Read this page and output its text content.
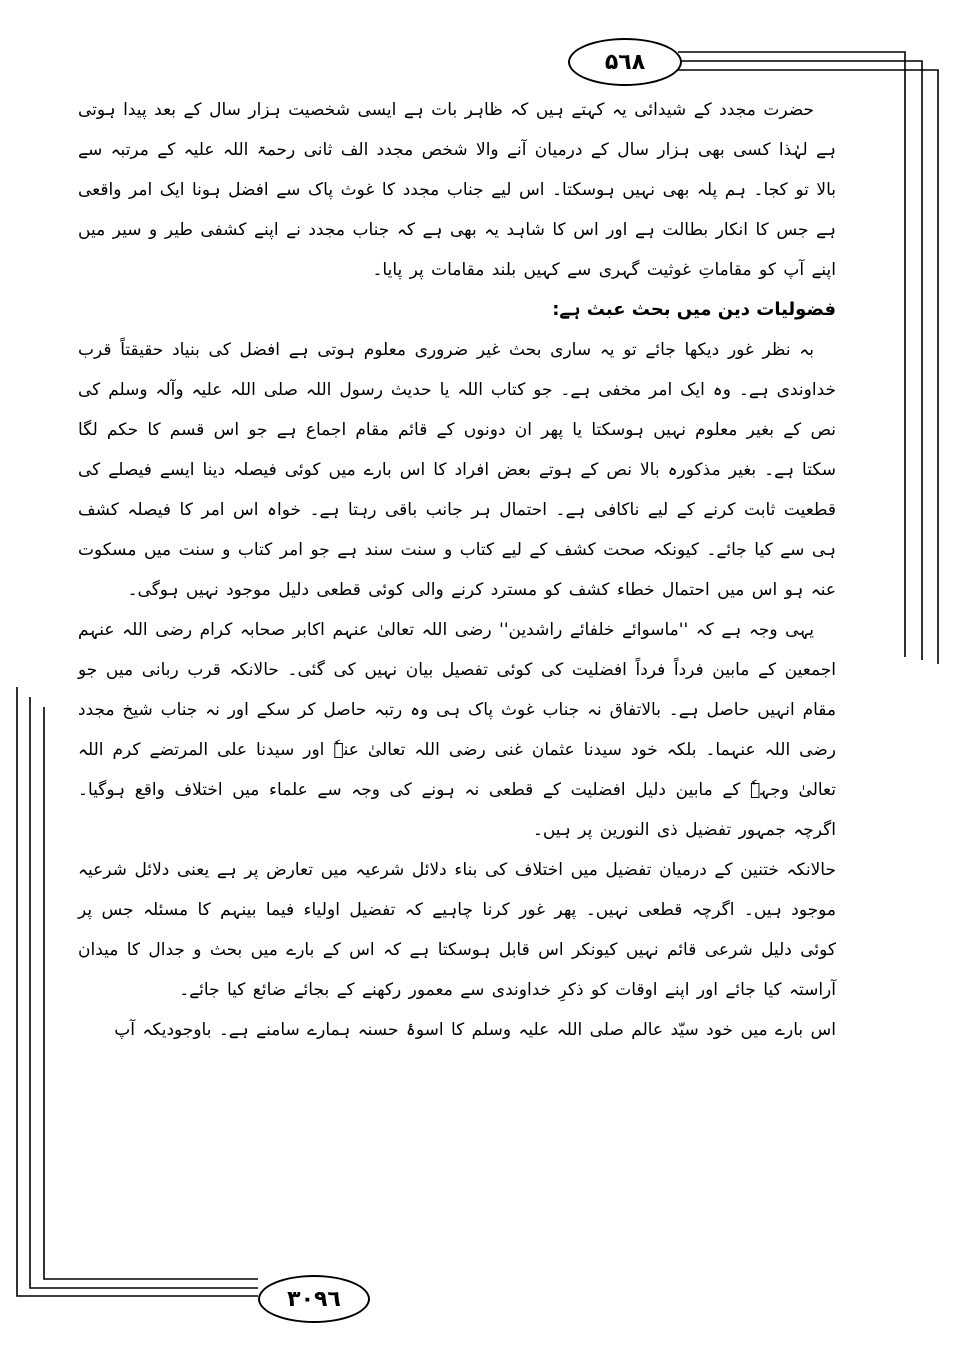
۵٦٨

حضرت مجدد کے شیدائی یہ کہتے ہیں کہ ظاہر بات ہے ایسی شخصیت ہزار سال کے بعد پیدا ہوتی ہے لہٰذا کسی بھی ہزار سال کے درمیان آنے والا شخص مجدد الف ثانی رحمۃ اللہ علیہ کے مرتبہ سے بالا تو کجا۔ ہم پلہ بھی نہیں ہوسکتا۔ اس لیے جناب مجدد کا غوث پاک سے افضل ہونا ایک امر واقعی ہے جس کا انکار بطالت ہے اور اس کا شاہد یہ بھی ہے کہ جناب مجدد نے اپنے کشفی طیر و سیر میں اپنے آپ کو مقاماتِ غوثیت گہری سے کہیں بلند مقامات پر پایا۔

فضولیات دین میں بحث عبث ہے:

بہ نظر غور دیکھا جائے تو یہ ساری بحث غیر ضروری معلوم ہوتی ہے افضل کی بنیاد حقیقتاً قرب خداوندی ہے۔ وہ ایک امر مخفی ہے۔ جو کتاب اللہ یا حدیث رسول اللہ صلی اللہ علیہ وآلہ وسلم کی نص کے بغیر معلوم نہیں ہوسکتا یا پھر ان دونوں کے قائم مقام اجماع ہے جو اس قسم کا حکم لگا سکتا ہے۔ بغیر مذکورہ بالا نص کے ہوتے بعض افراد کا اس بارے میں کوئی فیصلہ دینا ایسے فیصلے کی قطعیت ثابت کرنے کے لیے ناکافی ہے۔ احتمال ہر جانب باقی رہتا ہے۔ خواہ اس امر کا فیصلہ کشف ہی سے کیا جائے۔ کیونکہ صحت کشف کے لیے کتاب و سنت سند ہے جو امر کتاب و سنت میں مسکوت عنہ ہو اس میں احتمال خطاء کشف کو مسترد کرنے والی کوئی قطعی دلیل موجود نہیں ہوگی۔

یہی وجہ ہے کہ ''ماسوائے خلفائے راشدین'' رضی اللہ تعالیٰ عنہم اکابر صحابہ کرام رضی اللہ عنہم اجمعین کے مابین فرداً فرداً افضلیت کی کوئی تفصیل بیان نہیں کی گئی۔ حالانکہ قرب ربانی میں جو مقام انہیں حاصل ہے۔ بالاتفاق نہ جناب غوث پاک ہی وہ رتبہ حاصل کر سکے اور نہ جناب شیخ مجدد رضی اللہ عنہما۔ بلکہ خود سیدنا عثمان غنی رضی اللہ تعالیٰ عنہٗ اور سیدنا علی المرتضے کرم اللہ تعالیٰ وجہہٗ کے مابین دلیل افضلیت کے قطعی نہ ہونے کی وجہ سے علماء میں اختلاف واقع ہوگیا۔ اگرچہ جمہور تفضیل ذی النورین پر ہیں۔

حالانکہ ختنین کے درمیان تفضیل میں اختلاف کی بناء دلائل شرعیہ میں تعارض پر ہے یعنی دلائل شرعیہ موجود ہیں۔ اگرچہ قطعی نہیں۔ پھر غور کرنا چاہیے کہ تفضیل اولیاء فیما بینہم کا مسئلہ جس پر کوئی دلیل شرعی قائم نہیں کیونکر اس قابل ہوسکتا ہے کہ اس کے بارے میں بحث و جدال کا میدان آراستہ کیا جائے اور اپنے اوقات کو ذکرِ خداوندی سے معمور رکھنے کے بجائے ضائع کیا جائے۔

اس بارے میں خود سیّد عالم صلی اللہ علیہ وسلم کا اسوۂ حسنہ ہمارے سامنے ہے۔ باوجودیکہ آپ

۳۰۹٦
